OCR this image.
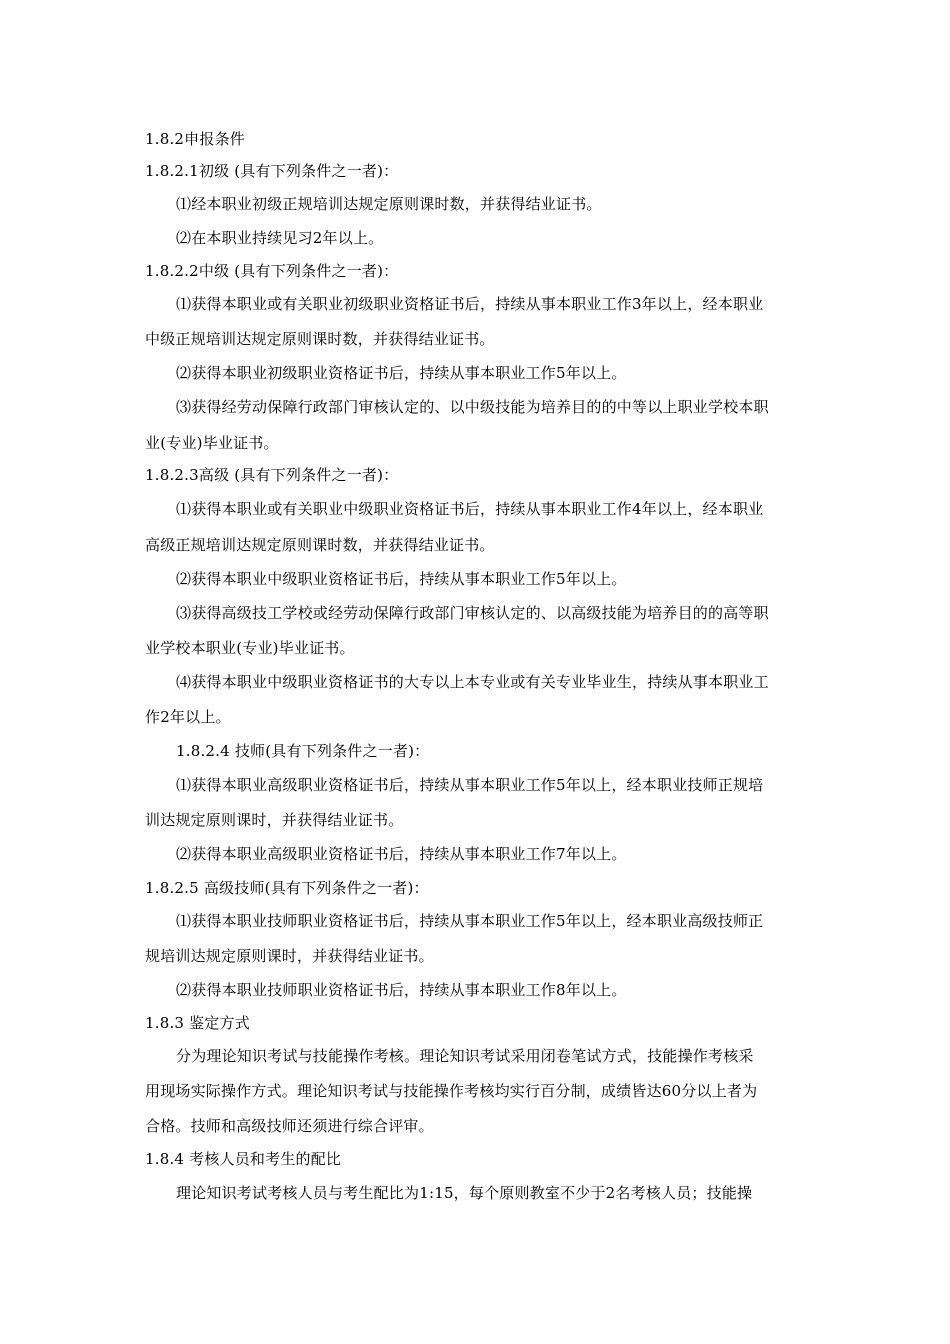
1.8.2申报条件

1.8.2.1初级 (具有下列条件之一者)：

⑴经本职业初级正规培训达规定原则课时数，并获得结业证书。

⑵在本职业持续见习2年以上。

1.8.2.2中级 (具有下列条件之一者)：

⑴获得本职业或有关职业初级职业资格证书后，持续从事本职业工作3年以上，经本职业

中级正规培训达规定原则课时数，并获得结业证书。

⑵获得本职业初级职业资格证书后，持续从事本职业工作5年以上。

⑶获得经劳动保障行政部门审核认定的、以中级技能为培养目的的中等以上职业学校本职

业(专业)毕业证书。

1.8.2.3高级 (具有下列条件之一者)：

⑴获得本职业或有关职业中级职业资格证书后，持续从事本职业工作4年以上，经本职业

高级正规培训达规定原则课时数，并获得结业证书。

⑵获得本职业中级职业资格证书后，持续从事本职业工作5年以上。

⑶获得高级技工学校或经劳动保障行政部门审核认定的、以高级技能为培养目的的高等职

业学校本职业(专业)毕业证书。

⑷获得本职业中级职业资格证书的大专以上本专业或有关专业毕业生，持续从事本职业工

作2年以上。

1.8.2.4 技师(具有下列条件之一者)：

⑴获得本职业高级职业资格证书后，持续从事本职业工作5年以上，经本职业技师正规培

训达规定原则课时，并获得结业证书。

⑵获得本职业高级职业资格证书后，持续从事本职业工作7年以上。

1.8.2.5 高级技师(具有下列条件之一者)：

⑴获得本职业技师职业资格证书后，持续从事本职业工作5年以上，经本职业高级技师正

规培训达规定原则课时，并获得结业证书。

⑵获得本职业技师职业资格证书后，持续从事本职业工作8年以上。

1.8.3 鉴定方式

分为理论知识考试与技能操作考核。理论知识考试采用闭卷笔试方式，技能操作考核采

用现场实际操作方式。理论知识考试与技能操作考核均实行百分制，成绩皆达60分以上者为

合格。技师和高级技师还须进行综合评审。

1.8.4 考核人员和考生的配比

理论知识考试考核人员与考生配比为1:15，每个原则教室不少于2名考核人员；技能操
